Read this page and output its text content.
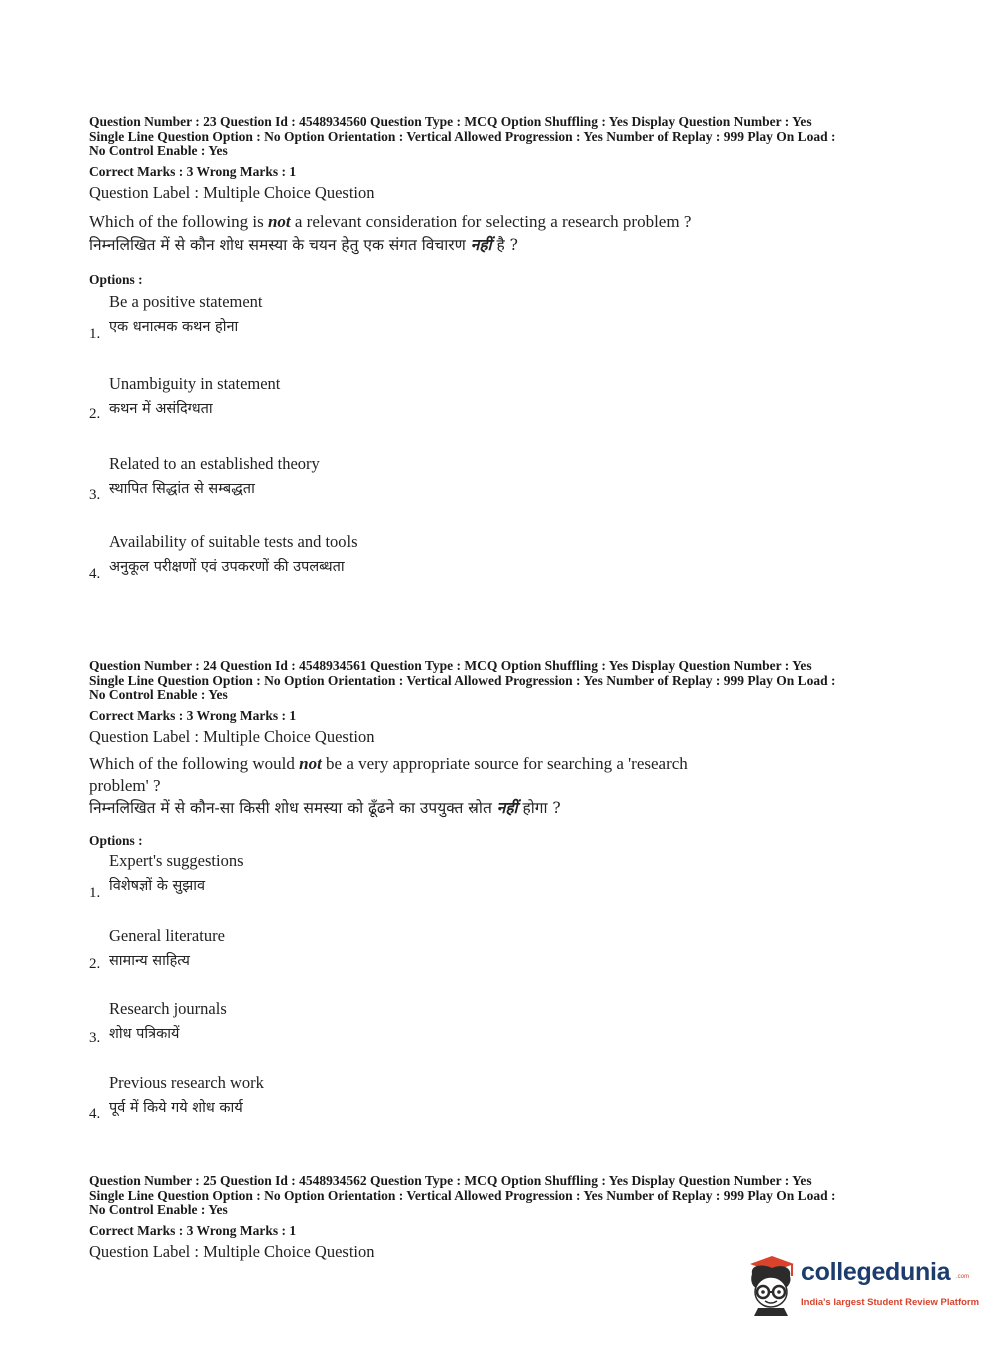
Question Number : 23 Question Id : 4548934560 Question Type : MCQ Option Shuffling : Yes Display Question Number : Yes

Single Line Question Option : No Option Orientation : Vertical Allowed Progression : Yes Number of Replay : 999 Play On Load :

No Control Enable : Yes

Correct Marks : 3 Wrong Marks : 1
Question Label : Multiple Choice Question
Which of the following is not a relevant consideration for selecting a research problem ?
निम्नलिखित में से कौन शोध समस्या के चयन हेतु एक संगत विचारण नहीं है ?
Options :
Be a positive statement
एक धनात्मक कथन होना
1.
Unambiguity in statement
कथन में असंदिग्धता
2.
Related to an established theory
स्थापित सिद्धांत से सम्बद्धता
3.
Availability of suitable tests and tools
अनुकूल परीक्षणों एवं उपकरणों की उपलब्धता
4.

Question Number : 24 Question Id : 4548934561 Question Type : MCQ Option Shuffling : Yes Display Question Number : Yes

Single Line Question Option : No Option Orientation : Vertical Allowed Progression : Yes Number of Replay : 999 Play On Load :

No Control Enable : Yes

Correct Marks : 3 Wrong Marks : 1
Question Label : Multiple Choice Question
Which of the following would not be a very appropriate source for searching a 'research problem' ?
निम्नलिखित में से कौन-सा किसी शोध समस्या को ढूँढने का उपयुक्त स्रोत नहीं होगा ?
Options :
Expert's suggestions
विशेषज्ञों के सुझाव
1.
General literature
सामान्य साहित्य
2.
Research journals
शोध पत्रिकायें
3.
Previous research work
पूर्व में किये गये शोध कार्य
4.

Question Number : 25 Question Id : 4548934562 Question Type : MCQ Option Shuffling : Yes Display Question Number : Yes

Single Line Question Option : No Option Orientation : Vertical Allowed Progression : Yes Number of Replay : 999 Play On Load :

No Control Enable : Yes

Correct Marks : 3 Wrong Marks : 1
Question Label : Multiple Choice Question
collegedunia .com
India's largest Student Review Platform
